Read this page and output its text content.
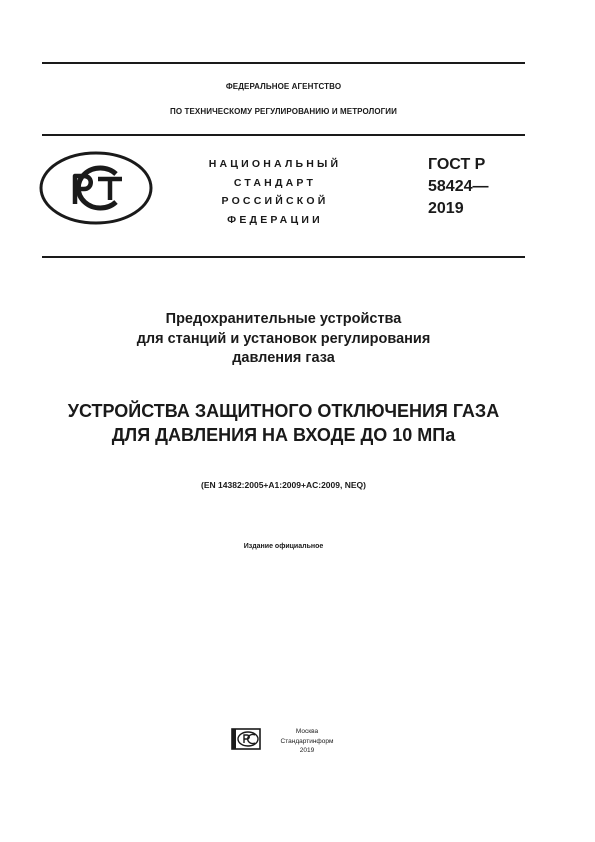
ФЕДЕРАЛЬНОЕ АГЕНТСТВО
ПО ТЕХНИЧЕСКОМУ РЕГУЛИРОВАНИЮ И МЕТРОЛОГИИ
НАЦИОНАЛЬНЫЙ
СТАНДАРТ
РОССИЙСКОЙ
ФЕДЕРАЦИИ
ГОСТ Р
58424—
2019
Предохранительные устройства
для станций и установок регулирования
давления газа
УСТРОЙСТВА ЗАЩИТНОГО ОТКЛЮЧЕНИЯ ГАЗА
ДЛЯ ДАВЛЕНИЯ НА ВХОДЕ ДО 10 МПа
(EN 14382:2005+A1:2009+AC:2009, NEQ)
Издание официальное
Москва
Стандартинформ
2019
